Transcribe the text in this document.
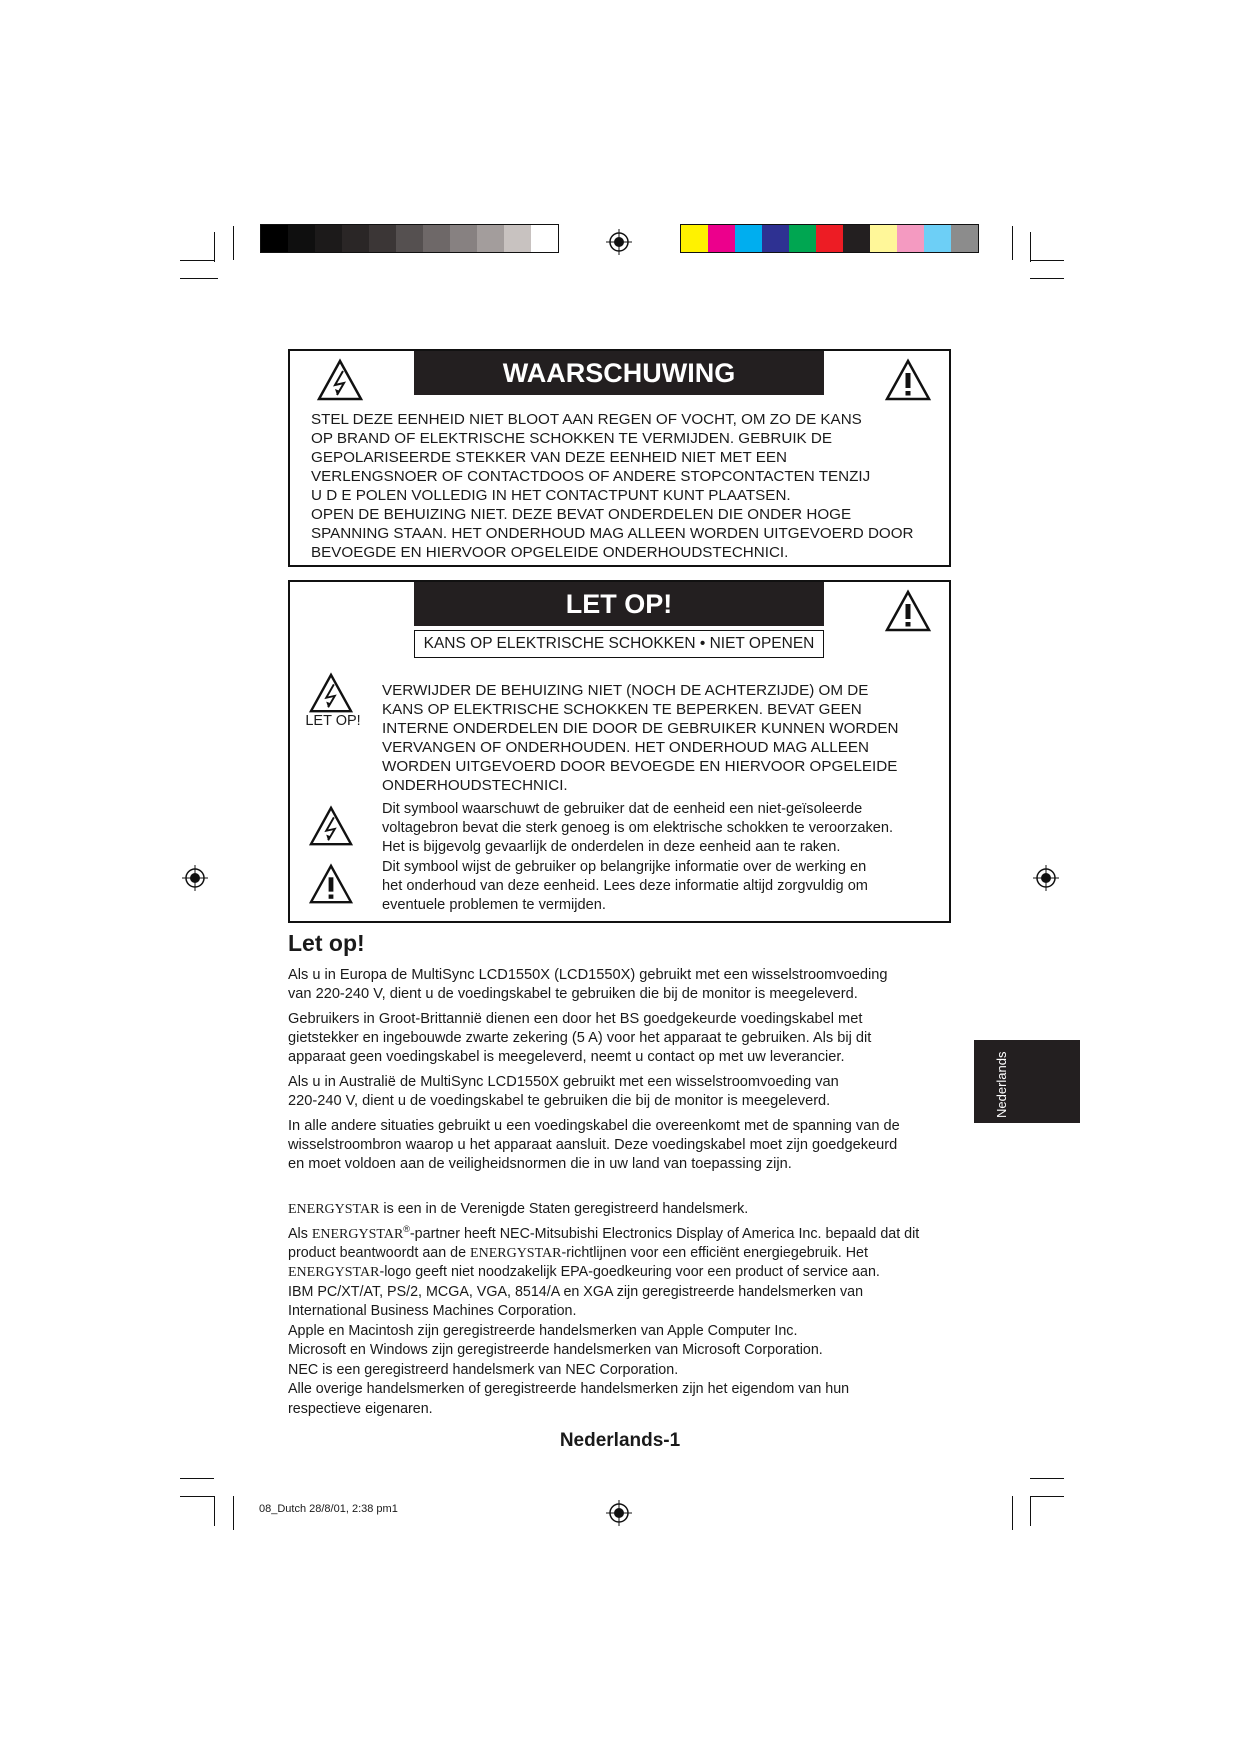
WAARSCHUWING
STEL DEZE EENHEID NIET BLOOT AAN REGEN OF VOCHT, OM ZO DE KANS
OP BRAND OF ELEKTRISCHE SCHOKKEN TE VERMIJDEN. GEBRUIK DE
GEPOLARISEERDE STEKKER VAN DEZE EENHEID NIET MET EEN
VERLENGSNOER OF CONTACTDOOS OF ANDERE STOPCONTACTEN TENZIJ
U D E POLEN VOLLEDIG IN HET CONTACTPUNT KUNT PLAATSEN.
OPEN DE BEHUIZING NIET. DEZE BEVAT ONDERDELEN DIE ONDER HOGE
SPANNING STAAN. HET ONDERHOUD MAG ALLEEN WORDEN UITGEVOERD DOOR
BEVOEGDE EN HIERVOOR OPGELEIDE ONDERHOUDSTECHNICI.
LET OP!
KANS OP ELEKTRISCHE SCHOKKEN • NIET OPENEN
LET OP!
VERWIJDER DE BEHUIZING NIET (NOCH DE ACHTERZIJDE) OM DE
KANS OP ELEKTRISCHE SCHOKKEN TE BEPERKEN. BEVAT GEEN
INTERNE ONDERDELEN DIE DOOR DE GEBRUIKER KUNNEN WORDEN
VERVANGEN OF ONDERHOUDEN. HET ONDERHOUD MAG ALLEEN
WORDEN UITGEVOERD DOOR BEVOEGDE EN HIERVOOR OPGELEIDE
ONDERHOUDSTECHNICI.
Dit symbool waarschuwt de gebruiker dat de eenheid een niet-geïsoleerde
voltagebron bevat die sterk genoeg is om elektrische schokken te veroorzaken.
Het is bijgevolg gevaarlijk de onderdelen in deze eenheid aan te raken.
Dit symbool wijst de gebruiker op belangrijke informatie over de werking en
het onderhoud van deze eenheid. Lees deze informatie altijd zorgvuldig om
eventuele problemen te vermijden.
Let op!
Als u in Europa de MultiSync LCD1550X (LCD1550X) gebruikt met een wisselstroomvoeding
van 220-240 V, dient u de voedingskabel te gebruiken die bij de monitor is meegeleverd.
Gebruikers in Groot-Brittannië dienen een door het BS goedgekeurde voedingskabel met
gietstekker en ingebouwde zwarte zekering (5 A) voor het apparaat te gebruiken. Als bij dit
apparaat geen voedingskabel is meegeleverd, neemt u contact op met uw leverancier.
Als u in Australië de MultiSync LCD1550X gebruikt met een wisselstroomvoeding van
220-240 V, dient u de voedingskabel te gebruiken die bij de monitor is meegeleverd.
In alle andere situaties gebruikt u een voedingskabel die overeenkomt met de spanning van de
wisselstroombron waarop u het apparaat aansluit. Deze voedingskabel moet zijn goedgekeurd
en moet voldoen aan de veiligheidsnormen die in uw land van toepassing zijn.
Nederlands
ENERGYSTAR is een in de Verenigde Staten geregistreerd handelsmerk.
Als ENERGYSTAR®-partner heeft NEC-Mitsubishi Electronics Display of America Inc. bepaald dat dit
product beantwoordt aan de ENERGYSTAR-richtlijnen voor een efficiënt energiegebruik. Het
ENERGYSTAR-logo geeft niet noodzakelijk EPA-goedkeuring voor een product of service aan.
IBM PC/XT/AT, PS/2, MCGA, VGA, 8514/A en XGA zijn geregistreerde handelsmerken van
International Business Machines Corporation.
Apple en Macintosh zijn geregistreerde handelsmerken van Apple Computer Inc.
Microsoft en Windows zijn geregistreerde handelsmerken van Microsoft Corporation.
NEC is een geregistreerd handelsmerk van NEC Corporation.
Alle overige handelsmerken of geregistreerde handelsmerken zijn het eigendom van hun
respectieve eigenaren.
Nederlands-1
08_Dutch 28/8/01, 2:38 pm1
